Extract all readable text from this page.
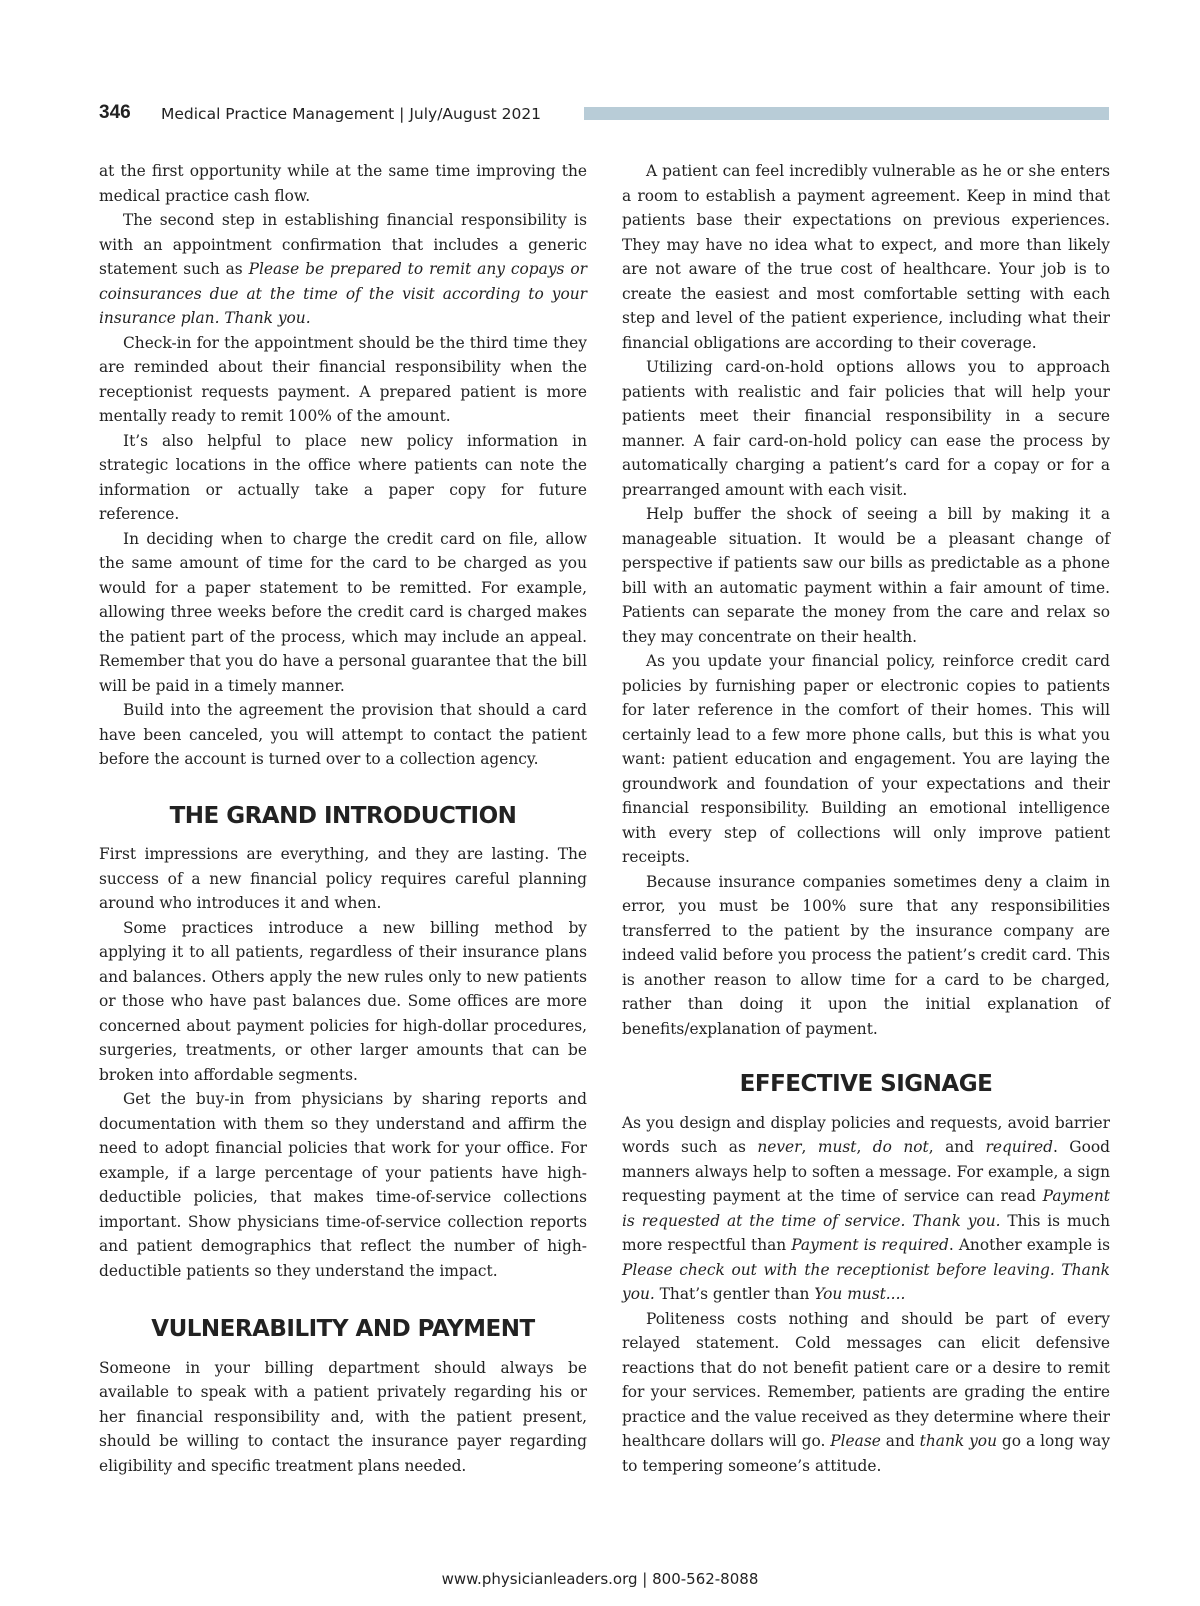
346 Medical Practice Management | July/August 2021

at the first opportunity while at the same time improving the medical practice cash flow.

The second step in establishing financial responsibility is with an appointment confirmation that includes a generic statement such as Please be prepared to remit any copays or coinsurances due at the time of the visit according to your insurance plan. Thank you.

Check-in for the appointment should be the third time they are reminded about their financial responsibility when the receptionist requests payment. A prepared patient is more mentally ready to remit 100% of the amount.

It’s also helpful to place new policy information in strategic locations in the office where patients can note the information or actually take a paper copy for future reference.

In deciding when to charge the credit card on file, allow the same amount of time for the card to be charged as you would for a paper statement to be remitted. For example, allowing three weeks before the credit card is charged makes the patient part of the process, which may include an appeal. Remember that you do have a personal guarantee that the bill will be paid in a timely manner.

Build into the agreement the provision that should a card have been canceled, you will attempt to contact the patient before the account is turned over to a collection agency.

THE GRAND INTRODUCTION

First impressions are everything, and they are lasting. The success of a new financial policy requires careful planning around who introduces it and when.

Some practices introduce a new billing method by applying it to all patients, regardless of their insurance plans and balances. Others apply the new rules only to new patients or those who have past balances due. Some offices are more concerned about payment policies for high-dollar procedures, surgeries, treatments, or other larger amounts that can be broken into affordable segments.

Get the buy-in from physicians by sharing reports and documentation with them so they understand and affirm the need to adopt financial policies that work for your office. For example, if a large percentage of your patients have high-deductible policies, that makes time-of-service collections important. Show physicians time-of-service collection reports and patient demographics that reflect the number of high-deductible patients so they understand the impact.

VULNERABILITY AND PAYMENT

Someone in your billing department should always be available to speak with a patient privately regarding his or her financial responsibility and, with the patient present, should be willing to contact the insurance payer regarding eligibility and specific treatment plans needed.

A patient can feel incredibly vulnerable as he or she enters a room to establish a payment agreement. Keep in mind that patients base their expectations on previous experiences. They may have no idea what to expect, and more than likely are not aware of the true cost of healthcare. Your job is to create the easiest and most comfortable setting with each step and level of the patient experience, including what their financial obligations are according to their coverage.

Utilizing card-on-hold options allows you to approach patients with realistic and fair policies that will help your patients meet their financial responsibility in a secure manner. A fair card-on-hold policy can ease the process by automatically charging a patient’s card for a copay or for a prearranged amount with each visit.

Help buffer the shock of seeing a bill by making it a manageable situation. It would be a pleasant change of perspective if patients saw our bills as predictable as a phone bill with an automatic payment within a fair amount of time. Patients can separate the money from the care and relax so they may concentrate on their health.

As you update your financial policy, reinforce credit card policies by furnishing paper or electronic copies to patients for later reference in the comfort of their homes. This will certainly lead to a few more phone calls, but this is what you want: patient education and engagement. You are laying the groundwork and foundation of your expectations and their financial responsibility. Building an emotional intelligence with every step of collections will only improve patient receipts.

Because insurance companies sometimes deny a claim in error, you must be 100% sure that any responsibilities transferred to the patient by the insurance company are indeed valid before you process the patient’s credit card. This is another reason to allow time for a card to be charged, rather than doing it upon the initial explanation of benefits/explanation of payment.

EFFECTIVE SIGNAGE

As you design and display policies and requests, avoid barrier words such as never, must, do not, and required. Good manners always help to soften a message. For example, a sign requesting payment at the time of service can read Payment is requested at the time of service. Thank you. This is much more respectful than Payment is required. Another example is Please check out with the receptionist before leaving. Thank you. That’s gentler than You must....

Politeness costs nothing and should be part of every relayed statement. Cold messages can elicit defensive reactions that do not benefit patient care or a desire to remit for your services. Remember, patients are grading the entire practice and the value received as they determine where their healthcare dollars will go. Please and thank you go a long way to tempering someone’s attitude.

www.physicianleaders.org | 800-562-8088
